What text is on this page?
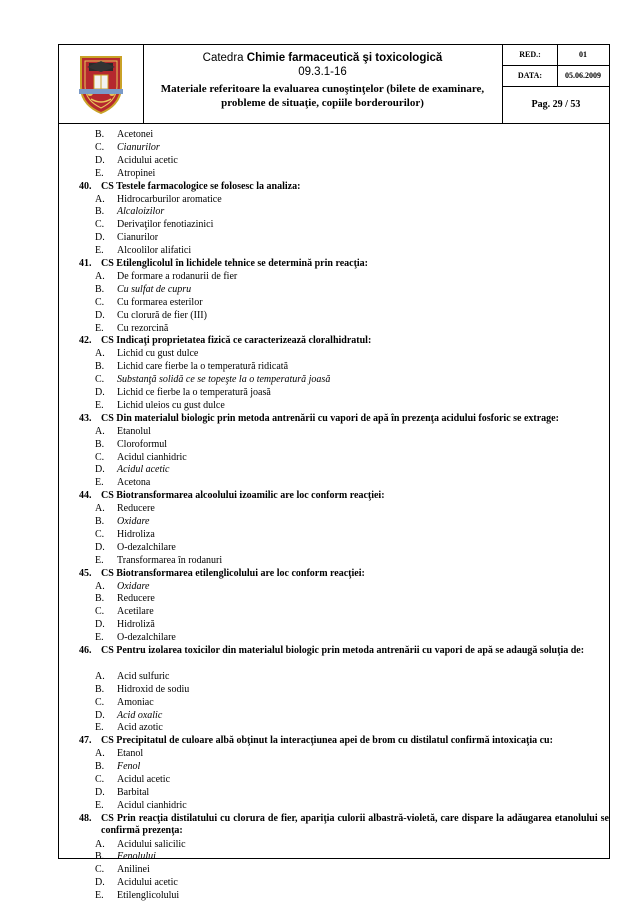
Catedra Chimie farmaceutică şi toxicologică
09.3.1-16
Materiale referitoare la evaluarea cunoştinţelor (bilete de examinare, probleme de situaţie, copiile borderourilor)
RED.:	01
DATA:	05.06.2009
Pag. 29 / 53
B. Acetonei
C. Cianurilor
D. Acidului acetic
E. Atropinei
40. CS Testele farmacologice se folosesc la analiza:
A. Hidrocarburilor aromatice
B. Alcaloizilor
C. Derivaţilor fenotiazinici
D. Cianurilor
E. Alcoolilor alifatici
41. CS Etilenglicolul în lichidele tehnice se determină prin reacţia:
A. De formare a rodanurii de fier
B. Cu sulfat de cupru
C. Cu formarea esterilor
D. Cu clorură de fier (III)
E. Cu rezorcină
42. CS Indicaţi proprietatea fizică ce caracterizează cloralhidratul:
A. Lichid cu gust dulce
B. Lichid care fierbe la o temperatură ridicată
C. Substanţă solidă ce se topeşte la o temperatură joasă
D. Lichid ce fierbe la o temperatură joasă
E. Lichid uleios cu gust dulce
43. CS Din materialul biologic prin metoda antrenării cu vapori de apă în prezenţa acidului fosforic se extrage:
A. Etanolul
B. Cloroformul
C. Acidul cianhidric
D. Acidul acetic
E. Acetona
44. CS Biotransformarea alcoolului izoamilic are loc conform reacţiei:
A. Reducere
B. Oxidare
C. Hidroliza
D. O-dezalchilare
E. Transformarea în rodanuri
45. CS Biotransformarea etilenglicolului are loc conform reacţiei:
A. Oxidare
B. Reducere
C. Acetilare
D. Hidroliză
E. O-dezalchilare
46. CS Pentru izolarea toxicilor din materialul biologic prin metoda antrenării cu vapori de apă se adaugă soluţia de:
A. Acid sulfuric
B. Hidroxid de sodiu
C. Amoniac
D. Acid oxalic
E. Acid azotic
47. CS Precipitatul de culoare albă obţinut la interacţiunea apei de brom cu distilatul confirmă intoxicaţia cu:
A. Etanol
B. Fenol
C. Acidul acetic
D. Barbital
E. Acidul cianhidric
48. CS Prin reacţia distilatului cu clorura de fier, apariţia culorii albastră-violetă, care dispare la adăugarea etanolului se confirmă prezenţa:
A. Acidului salicilic
B. Fenolului
C. Anilinei
D. Acidului acetic
E. Etilenglicolului
